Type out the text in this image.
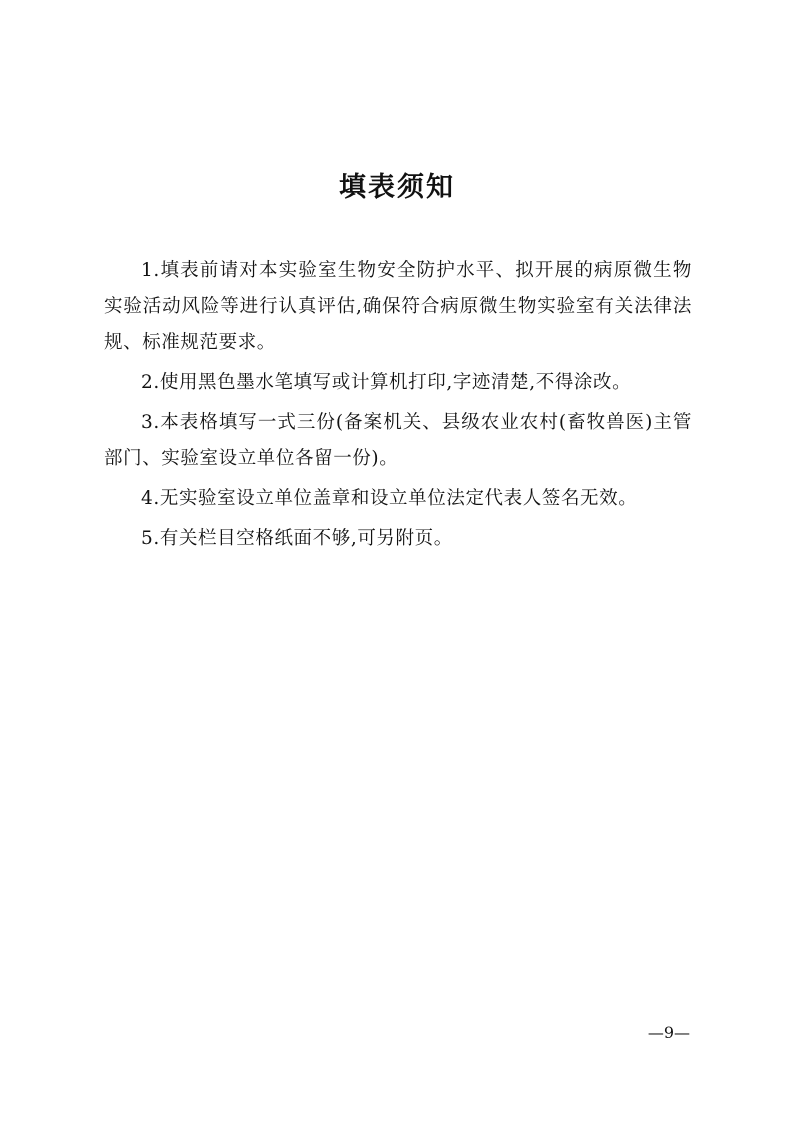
填表须知

1.填表前请对本实验室生物安全防护水平、拟开展的病原微生物实验活动风险等进行认真评估,确保符合病原微生物实验室有关法律法规、标准规范要求。

2.使用黑色墨水笔填写或计算机打印,字迹清楚,不得涂改。

3.本表格填写一式三份(备案机关、县级农业农村(畜牧兽医)主管部门、实验室设立单位各留一份)。

4.无实验室设立单位盖章和设立单位法定代表人签名无效。

5.有关栏目空格纸面不够,可另附页。

—9—
